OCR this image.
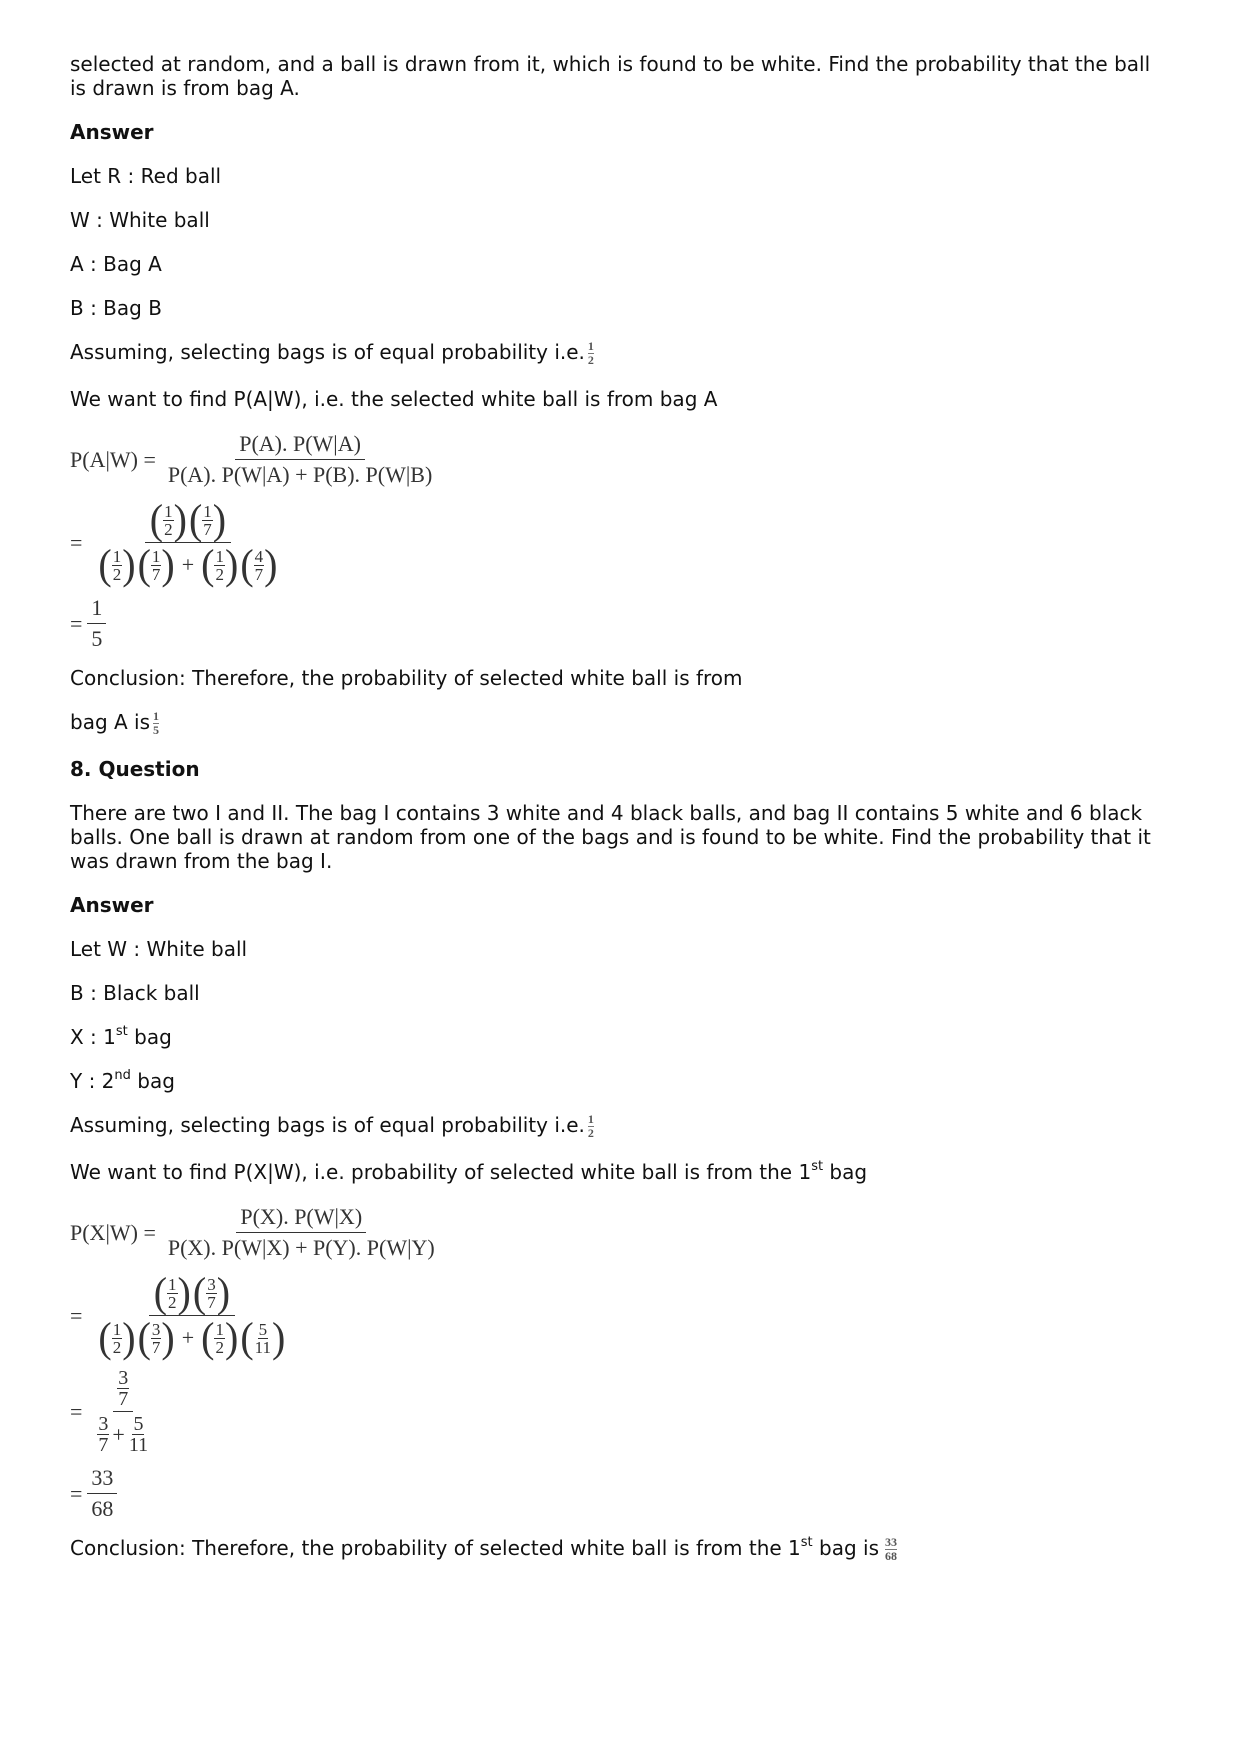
selected at random, and a ball is drawn from it, which is found to be white. Find the probability that the ball

is drawn is from bag A.

Answer

Let R : Red ball

W : White ball

A : Bag A

B : Bag B

Assuming, selecting bags is of equal probability i.e. $\frac{1}{2}$

We want to find P(A|W), i.e. the selected white ball is from bag A

$P(A|W) = \frac{P(A). P(W|A)}{P(A). P(W|A) + P(B). P(W|B)}$
= $\frac{( \frac{1}{2} ) ( \frac{1}{7} )}{( \frac{1}{2} ) ( \frac{1}{7} ) + ( \frac{1}{2} ) ( \frac{4}{7} )}$
= $\frac{1}{5}$

Conclusion: Therefore, the probability of selected white ball is from

bag A is $\frac{1}{5}$

8. Question

There are two I and II. The bag I contains 3 white and 4 black balls, and bag II contains 5 white and 6 black

balls. One ball is drawn at random from one of the bags and is found to be white. Find the probability that it

was drawn from the bag I.

Answer

Let W : White ball

B : Black ball

X : 1st bag

Y : 2nd bag

Assuming, selecting bags is of equal probability i.e. $\frac{1}{2}$

We want to find P(X|W), i.e. probability of selected white ball is from the 1st bag

$P(X|W) = \frac{P(X). P(W|X)}{P(X). P(W|X) + P(Y). P(W|Y)}$
= $\frac{( \frac{1}{2} ) ( \frac{3}{7} )}{( \frac{1}{2} ) ( \frac{3}{7} ) + ( \frac{1}{2} ) ( \frac{5}{11} )}$
= $\frac{\frac{3}{7}}{\frac{3}{7} + \frac{5}{11}}$
= $\frac{33}{68}$

Conclusion: Therefore, the probability of selected white ball is from the 1st bag is $\frac{33}{68}$
